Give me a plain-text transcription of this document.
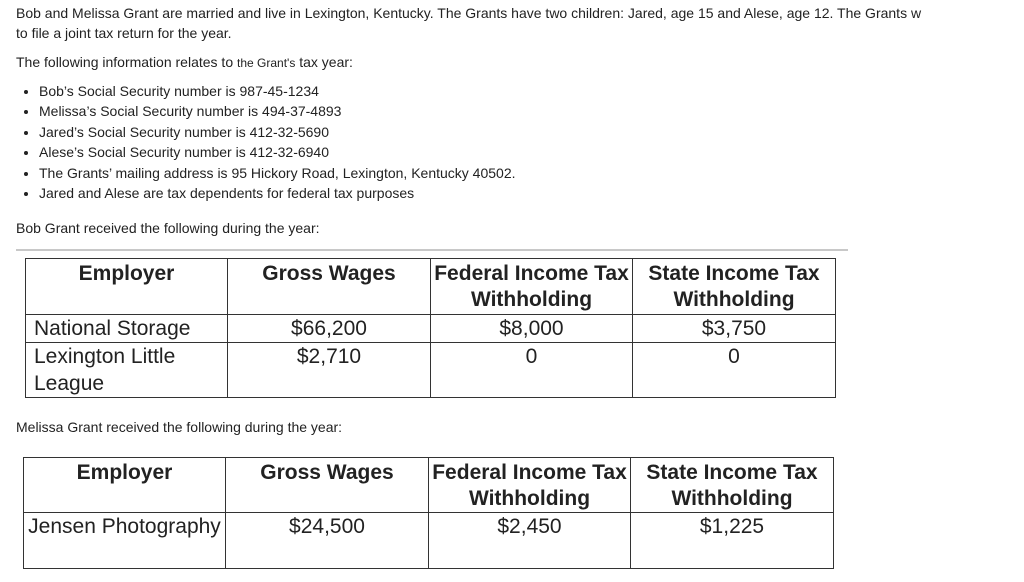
Bob and Melissa Grant are married and live in Lexington, Kentucky. The Grants have two children: Jared, age 15 and Alese, age 12. The Grants w

to file a joint tax return for the year.

The following information relates to the Grant's tax year:

• Bob’s Social Security number is 987-45-1234
• Melissa’s Social Security number is 494-37-4893
• Jared’s Social Security number is 412-32-5690
• Alese’s Social Security number is 412-32-6940
• The Grants’ mailing address is 95 Hickory Road, Lexington, Kentucky 40502.
• Jared and Alese are tax dependents for federal tax purposes

Bob Grant received the following during the year:

Employer	Gross Wages	Federal Income Tax Withholding	State Income Tax Withholding
National Storage	$66,200	$8,000	$3,750
Lexington Little League	$2,710	0	0

Melissa Grant received the following during the year:

Employer	Gross Wages	Federal Income Tax Withholding	State Income Tax Withholding
Jensen Photography	$24,500	$2,450	$1,225
